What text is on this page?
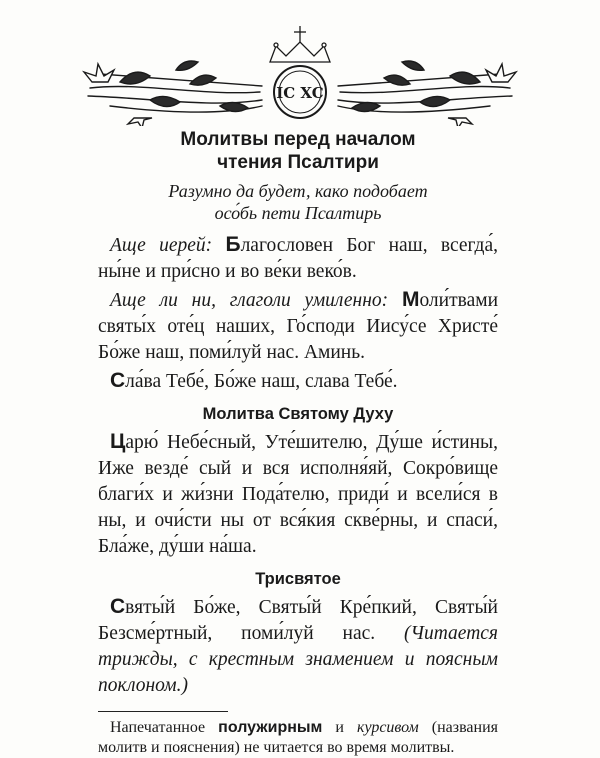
IC XC
Молитвы перед началом
чтения Псалтири

Разумно да будет, како подобает
осо́бь пети Псалтирь

Аще иерей: Благословен Бог наш, всегда́, ны́не и при́сно и во ве́ки веко́в.

Аще ли ни, глаголи умиленно: Моли́твами святы́х оте́ц наших, Го́споди Иису́се Христе́ Бо́же наш, поми́луй нас. Аминь.

Сла́ва Тебе́, Бо́же наш, слава Тебе́.

Молитва Святому Духу

Царю́ Небе́сный, Уте́шителю, Ду́ше и́стины, Иже везде́ сый и вся исполня́яй, Сокро́вище благи́х и жи́зни Пода́телю, приди́ и всели́ся в ны, и очи́сти ны от вся́кия скве́рны, и спаси́, Бла́же, ду́ши на́ша.

Трисвятое

Святы́й Бо́же, Святы́й Кре́пкий, Святы́й Безсме́ртный, поми́луй нас. (Читается трижды, с крестным знамением и поясным поклоном.)

Напечатанное полужирным и курсивом (названия молитв и пояснения) не читается во время молитвы.
